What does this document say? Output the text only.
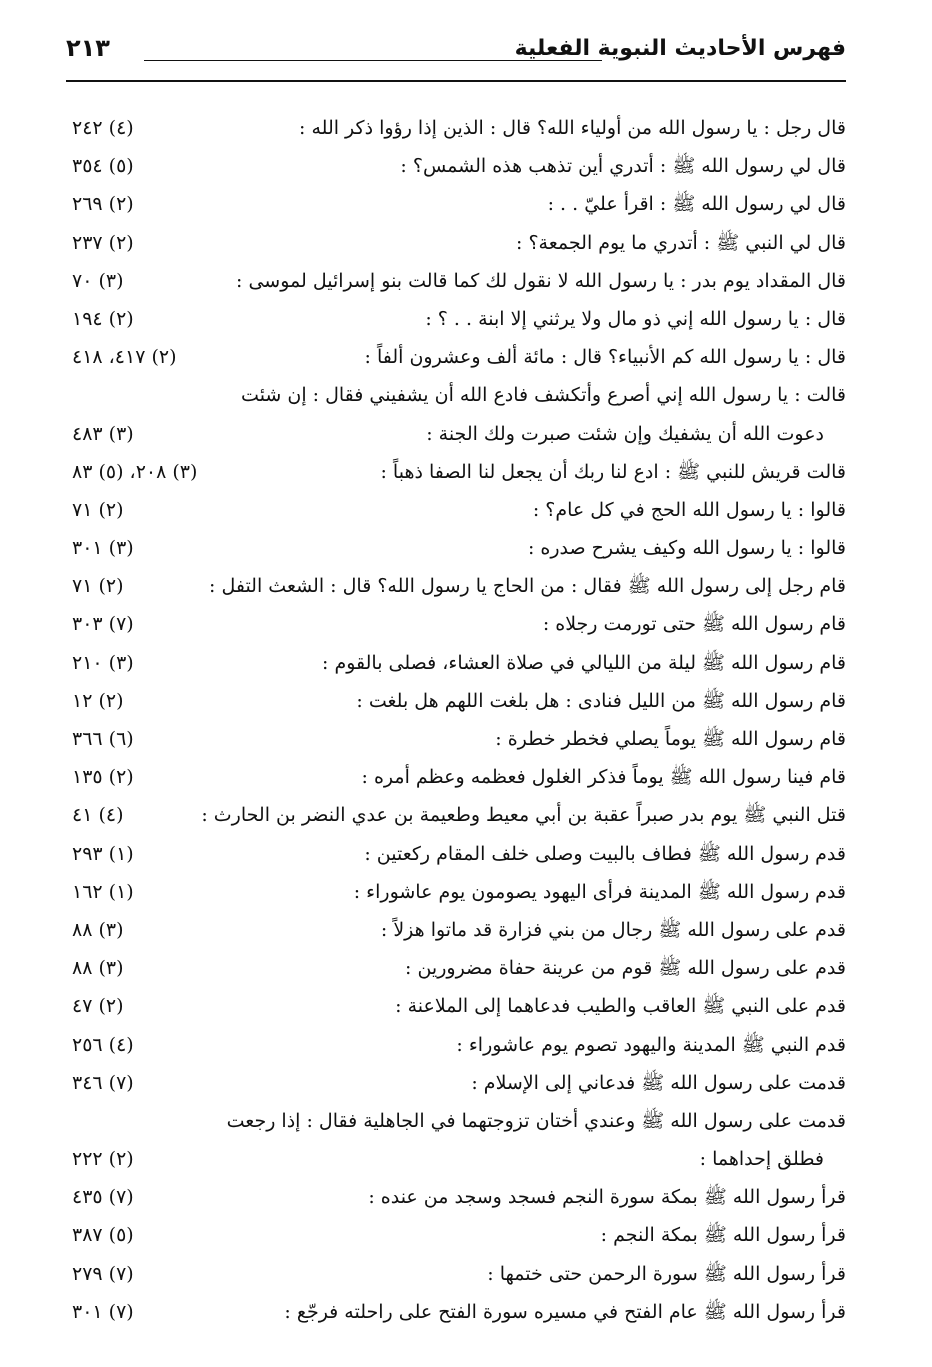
فهرس الأحاديث النبوية الفعلية
٢١٣
قال رجل : يا رسول الله من أولياء الله؟ قال : الذين إذا رؤوا ذكر الله :
(٤) ٢٤٢
قال لي رسول الله ﷺ : أتدري أين تذهب هذه الشمس؟ :
(٥) ٣٥٤
قال لي رسول الله ﷺ : اقرأ عليّ . . :
(٢) ٢٦٩
قال لي النبي ﷺ : أتدري ما يوم الجمعة؟ :
(٢) ٢٣٧
قال المقداد يوم بدر : يا رسول الله لا نقول لك كما قالت بنو إسرائيل لموسى :
(٣) ٧٠
قال : يا رسول الله إني ذو مال ولا يرثني إلا ابنة . . ؟ :
(٢) ١٩٤
قال : يا رسول الله كم الأنبياء؟ قال : مائة ألف وعشرون ألفاً :
(٢) ٤١٧، ٤١٨
قالت : يا رسول الله إني أصرع وأتكشف فادع الله أن يشفيني فقال : إن شئت
دعوت الله أن يشفيك وإن شئت صبرت ولك الجنة :
(٣) ٤٨٣
قالت قريش للنبي ﷺ : ادع لنا ربك أن يجعل لنا الصفا ذهباً :
(٣) ٢٠٨، (٥) ٨٣
قالوا : يا رسول الله الحج في كل عام؟ :
(٢) ٧١
قالوا : يا رسول الله وكيف يشرح صدره :
(٣) ٣٠١
قام رجل إلى رسول الله ﷺ فقال : من الحاج يا رسول الله؟ قال : الشعث التفل :
(٢) ٧١
قام رسول الله ﷺ حتى تورمت رجلاه :
(٧) ٣٠٣
قام رسول الله ﷺ ليلة من الليالي في صلاة العشاء، فصلى بالقوم :
(٣) ٢١٠
قام رسول الله ﷺ من الليل فنادى : هل بلغت اللهم هل بلغت :
(٢) ١٢
قام رسول الله ﷺ يوماً يصلي فخطر خطرة :
(٦) ٣٦٦
قام فينا رسول الله ﷺ يوماً فذكر الغلول فعظمه وعظم أمره :
(٢) ١٣٥
قتل النبي ﷺ يوم بدر صبراً عقبة بن أبي معيط وطعيمة بن عدي النضر بن الحارث :
(٤) ٤١
قدم رسول الله ﷺ فطاف بالبيت وصلى خلف المقام ركعتين :
(١) ٢٩٣
قدم رسول الله ﷺ المدينة فرأى اليهود يصومون يوم عاشوراء :
(١) ١٦٢
قدم على رسول الله ﷺ رجال من بني فزارة قد ماتوا هزلاً :
(٣) ٨٨
قدم على رسول الله ﷺ قوم من عرينة حفاة مضرورين :
(٣) ٨٨
قدم على النبي ﷺ العاقب والطيب فدعاهما إلى الملاعنة :
(٢) ٤٧
قدم النبي ﷺ المدينة واليهود تصوم يوم عاشوراء :
(٤) ٢٥٦
قدمت على رسول الله ﷺ فدعاني إلى الإسلام :
(٧) ٣٤٦
قدمت على رسول الله ﷺ وعندي أختان تزوجتهما في الجاهلية فقال : إذا رجعت
فطلق إحداهما :
(٢) ٢٢٢
قرأ رسول الله ﷺ بمكة سورة النجم فسجد وسجد من عنده :
(٧) ٤٣٥
قرأ رسول الله ﷺ بمكة النجم :
(٥) ٣٨٧
قرأ رسول الله ﷺ سورة الرحمن حتى ختمها :
(٧) ٢٧٩
قرأ رسول الله ﷺ عام الفتح في مسيره سورة الفتح على راحلته فرجّع :
(٧) ٣٠١
